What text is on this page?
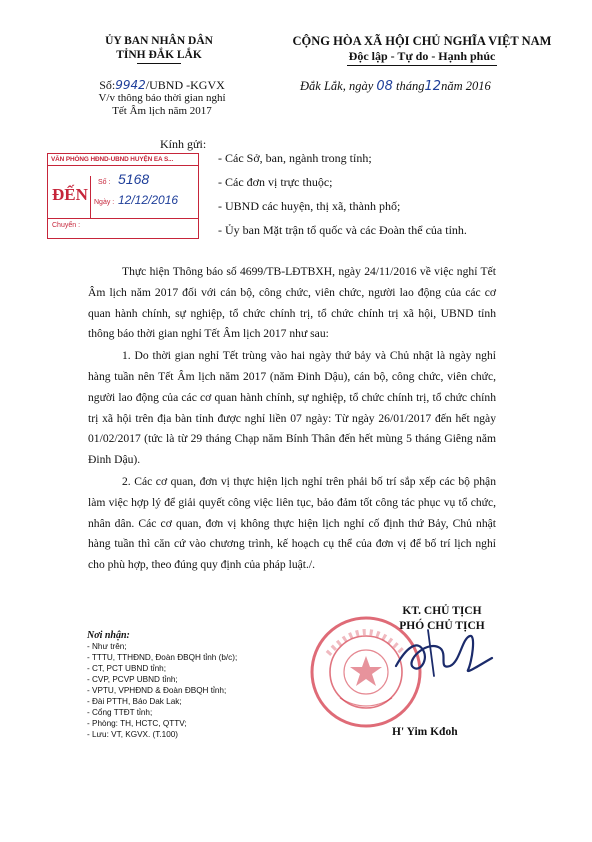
ỦY BAN NHÂN DÂN
TỈNH ĐẮK LẮK
CỘNG HÒA XÃ HỘI CHỦ NGHĨA VIỆT NAM
Độc lập - Tự do - Hạnh phúc
Số:9942/UBND -KGVX
V/v thông báo thời gian nghỉ
Tết Âm lịch năm 2017
Đắk Lắk, ngày 08 tháng12năm 2016
Kính gửi:
- Các Sở, ban, ngành trong tỉnh;
- Các đơn vị trực thuộc;
- UBND các huyện, thị xã, thành phố;
- Ủy ban Mặt trận tổ quốc và các Đoàn thể của tỉnh.
VĂN PHÒNG HĐND-UBND HUYỆN EA S...
ĐẾN
Số : 5168
Ngày : 12/12/2016
Chuyển :

Thực hiện Thông báo số 4699/TB-LĐTBXH, ngày 24/11/2016 về việc nghỉ Tết Âm lịch năm 2017 đối với cán bộ, công chức, viên chức, người lao động của các cơ quan hành chính, sự nghiệp, tổ chức chính trị, tổ chức chính trị xã hội, UBND tỉnh thông báo thời gian nghỉ Tết Âm lịch 2017 như sau:

1. Do thời gian nghỉ Tết trùng vào hai ngày thứ bảy và Chủ nhật là ngày nghỉ hàng tuần nên Tết Âm lịch năm 2017 (năm Đinh Dậu), cán bộ, công chức, viên chức, người lao động của các cơ quan hành chính, sự nghiệp, tổ chức chính trị, tổ chức chính trị xã hội trên địa bàn tỉnh được nghỉ liền 07 ngày: Từ ngày 26/01/2017 đến hết ngày 01/02/2017 (tức là từ 29 tháng Chạp năm Bính Thân đến hết mùng 5 tháng Giêng năm Đinh Dậu).

2. Các cơ quan, đơn vị thực hiện lịch nghỉ trên phải bố trí sắp xếp các bộ phận làm việc hợp lý để giải quyết công việc liên tục, bảo đảm tốt công tác phục vụ tổ chức, nhân dân. Các cơ quan, đơn vị không thực hiện lịch nghỉ cố định thứ Bảy, Chủ nhật hàng tuần thì căn cứ vào chương trình, kế hoạch cụ thể của đơn vị để bố trí lịch nghỉ cho phù hợp, theo đúng quy định của pháp luật./.

Nơi nhận:
- Như trên;
- TTTU, TTHĐND, Đoàn ĐBQH tỉnh (b/c);
- CT, PCT UBND tỉnh;
- CVP, PCVP UBND tỉnh;
- VPTU, VPHĐND & Đoàn ĐBQH tỉnh;
- Đài PTTH, Báo Dak Lak;
- Cổng TTĐT tỉnh;
- Phòng: TH, HCTC, QTTV;
- Lưu: VT, KGVX. (T.100)
KT. CHỦ TỊCH
PHÓ CHỦ TỊCH
H' Yim Kđoh
